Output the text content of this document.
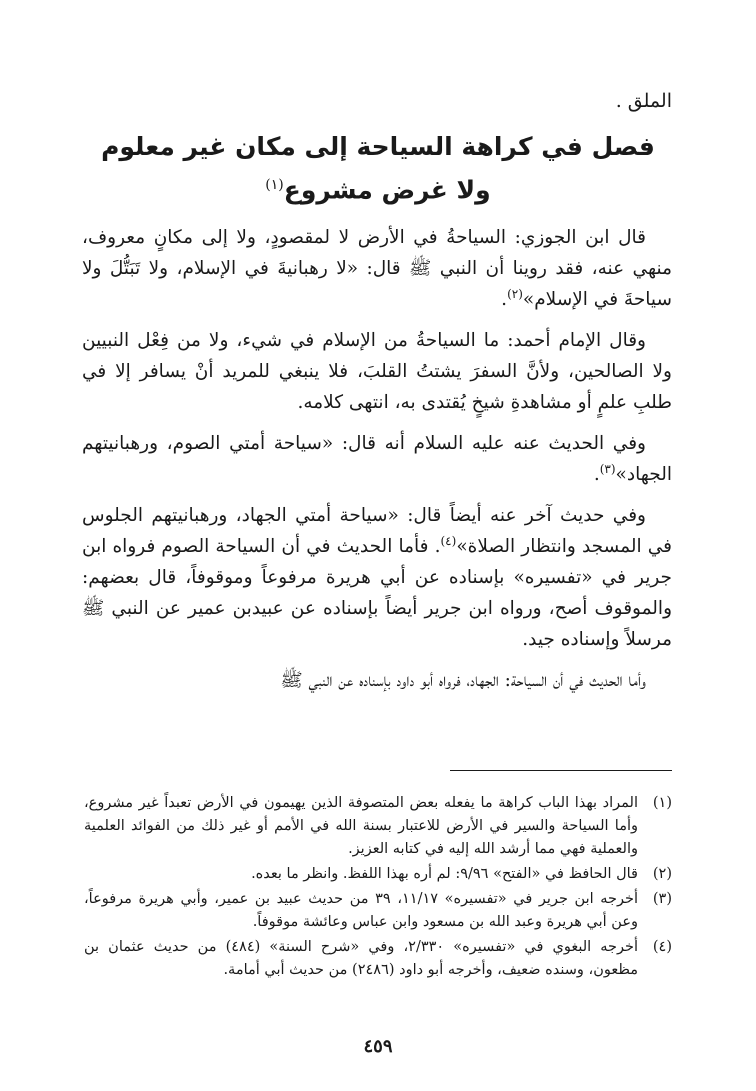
الملق .
فصل في كراهة السياحة إلى مكان غير معلوم
ولا غرض مشروع$^{(١)}$

قال ابن الجوزي: السياحةُ في الأرض لا لمقصودٍ، ولا إلى مكانٍ معروف، منهي عنه، فقد روينا أن النبي ﷺ قال: «لا رهبانيةَ في الإسلام، ولا تَبَتُّلَ ولا سياحةَ في الإسلام»$^{(٢)}$.

وقال الإمام أحمد: ما السياحةُ من الإسلام في شيء، ولا من فِعْل النبيين ولا الصالحين، ولأنَّ السفرَ يشتتُ القلبَ، فلا ينبغي للمريد أنْ يسافر إلا في طلبِ علمٍ أو مشاهدةِ شيخٍ يُقتدى به، انتهى كلامه.

وفي الحديث عنه عليه السلام أنه قال: «سياحة أمتي الصوم، ورهبانيتهم الجهاد»$^{(٣)}$.

وفي حديث آخر عنه أيضاً قال: «سياحة أمتي الجهاد، ورهبانيتهم الجلوس في المسجد وانتظار الصلاة»$^{(٤)}$. فأما الحديث في أن السياحة الصوم فرواه ابن جرير في «تفسيره» بإسناده عن أبي هريرة مرفوعاً وموقوفاً، قال بعضهم: والموقوف أصح، ورواه ابن جرير أيضاً بإسناده عن عبيدبن عمير عن النبي ﷺ مرسلاً وإسناده جيد.

وأما الحديث في أن السياحة: الجهاد، فرواه أبو داود بإسناده عن النبي ﷺ

(١)
المراد بهذا الباب كراهة ما يفعله بعض المتصوفة الذين يهيمون في الأرض تعبداً غير مشروع، وأما السياحة والسير في الأرض للاعتبار بسنة الله في الأمم أو غير ذلك من الفوائد العلمية والعملية فهي مما أرشد الله إليه في كتابه العزيز.
(٢)
قال الحافظ في «الفتح» ٩/٩٦: لم أره بهذا اللفظ. وانظر ما بعده.
(٣)
أخرجه ابن جرير في «تفسيره» ١١/١٧، ٣٩ من حديث عبيد بن عمير، وأبي هريرة مرفوعاً، وعن أبي هريرة وعبد الله بن مسعود وابن عباس وعائشة موقوفاً.
(٤)
أخرجه البغوي في «تفسيره» ٢/٣٣٠، وفي «شرح السنة» (٤٨٤) من حديث عثمان بن مظعون، وسنده ضعيف، وأخرجه أبو داود (٢٤٨٦) من حديث أبي أمامة.
٤٥٩
